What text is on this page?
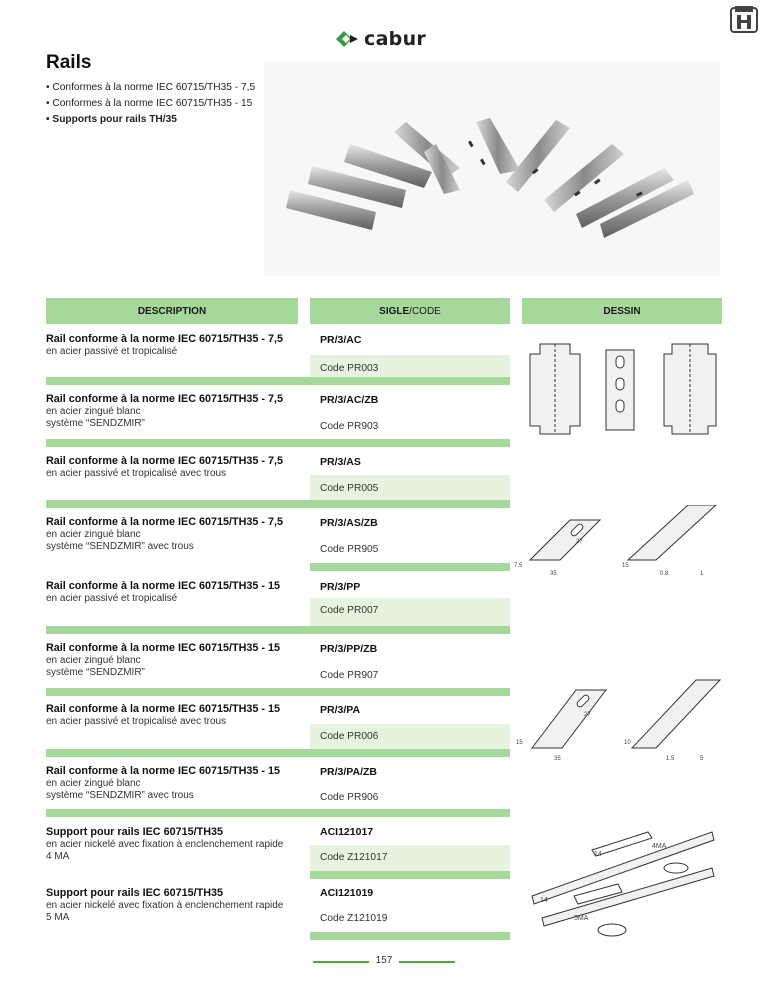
cabur
Rails
• Conformes à la norme IEC 60715/TH35 - 7,5
• Conformes à la norme IEC 60715/TH35 - 15
• Supports pour rails TH/35
DESCRIPTION	SIGLE /CODE	DESSIN
Rail conforme à la norme IEC 60715/TH35 - 7,5
en acier passivé et tropicalisé
PR/3/AC
Code PR003
Rail conforme à la norme IEC 60715/TH35 - 7,5
en acier zingué blanc
système “SENDZMIR”
PR/3/AC/ZB
Code PR903
Rail conforme à la norme IEC 60715/TH35 - 7,5
en acier passivé et tropicalisé avec trous
PR/3/AS
Code PR005
Rail conforme à la norme IEC 60715/TH35 - 7,5
en acier zingué blanc
système “SENDZMIR” avec trous
PR/3/AS/ZB
Code PR905
Rail conforme à la norme IEC 60715/TH35 - 15
en acier passivé et tropicalisé
PR/3/PP
Code PR007
Rail conforme à la norme IEC 60715/TH35 - 15
en acier zingué blanc
système “SENDZMIR”
PR/3/PP/ZB
Code PR907
Rail conforme à la norme IEC 60715/TH35 - 15
en acier passivé et tropicalisé avec trous
PR/3/PA
Code PR006
Rail conforme à la norme IEC 60715/TH35 - 15
en acier zingué blanc
système “SENDZMIR” avec trous
PR/3/PA/ZB
Code PR906
Support pour rails IEC 60715/TH35
en acier nickelé avec fixation à enclenchement rapide
4 MA
ACI121017
Code Z121017
Support pour rails IEC 60715/TH35
en acier nickelé avec fixation à enclenchement rapide
5 MA
ACI121019
Code Z121019
7.5
35
27
15
0.8	1
15
35
27
10
1.5	5
14
4MA
14
5MA
157
